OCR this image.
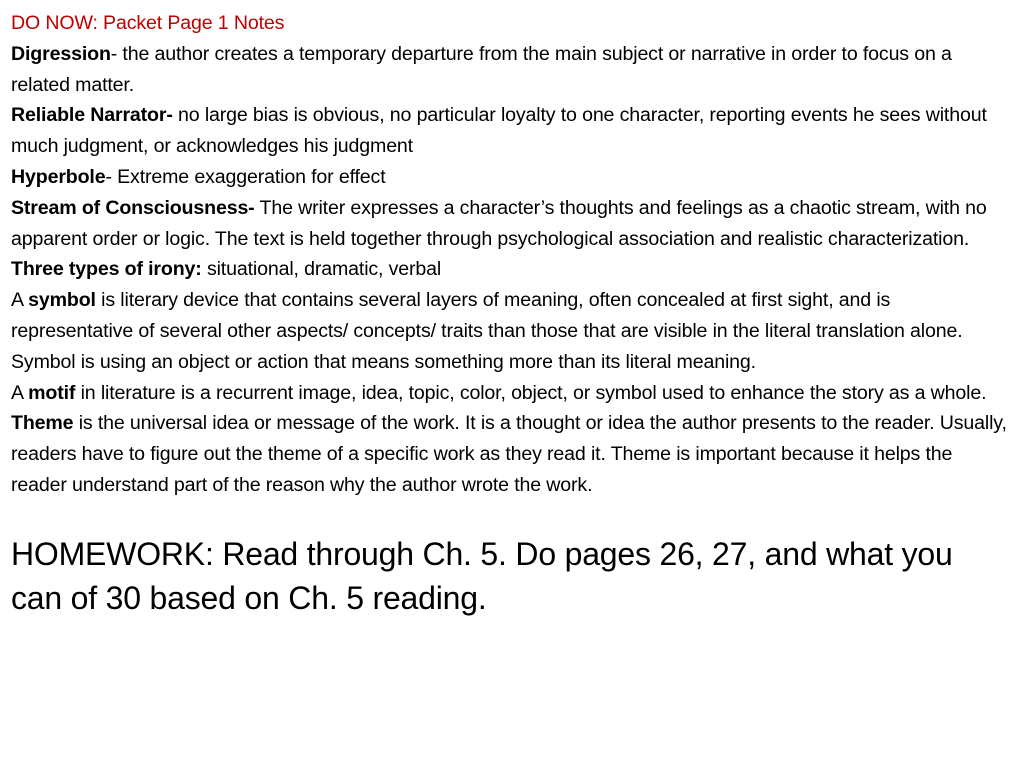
DO NOW: Packet Page 1 Notes
Digression- the author creates a temporary departure from the main subject or narrative in order to focus on a related matter.
Reliable Narrator- no large bias is obvious, no particular loyalty to one character, reporting events he sees without much judgment, or acknowledges his judgment
Hyperbole- Extreme exaggeration for effect
Stream of Consciousness- The writer expresses a character’s thoughts and feelings as a chaotic stream, with no apparent order or logic. The text is held together through psychological association and realistic characterization.
Three types of irony: situational, dramatic, verbal
A symbol is literary device that contains several layers of meaning, often concealed at first sight, and is representative of several other aspects/ concepts/ traits than those that are visible in the literal translation alone. Symbol is using an object or action that means something more than its literal meaning.
A motif in literature is a recurrent image, idea, topic, color, object, or symbol used to enhance the story as a whole.
Theme is the universal idea or message of the work. It is a thought or idea the author presents to the reader. Usually, readers have to figure out the theme of a specific work as they read it. Theme is important because it helps the reader understand part of the reason why the author wrote the work.
HOMEWORK: Read through Ch. 5. Do pages 26, 27, and what you can of 30 based on Ch. 5 reading.
